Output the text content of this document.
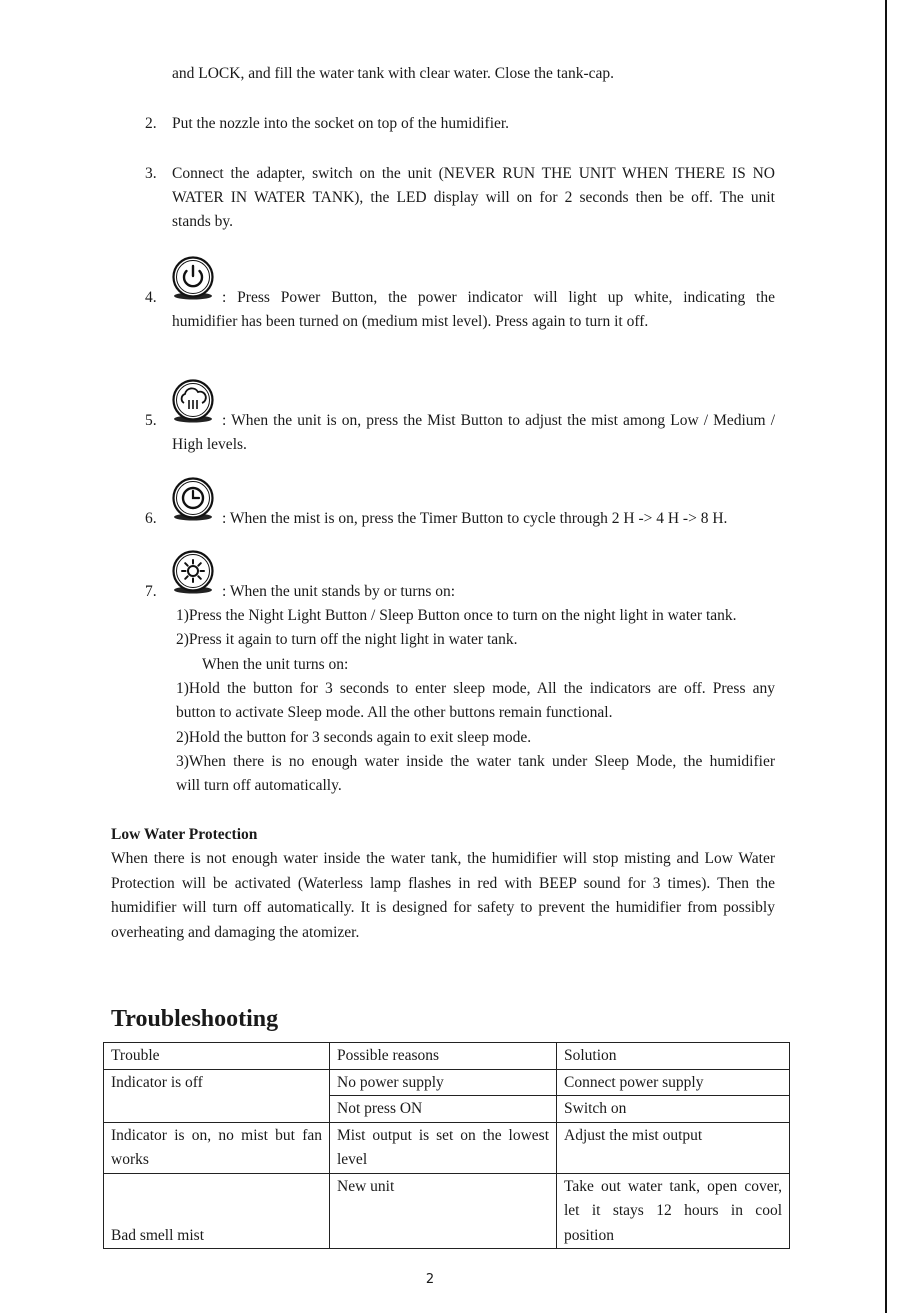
and LOCK, and fill the water tank with clear water. Close the tank-cap.

2. Put the nozzle into the socket on top of the humidifier.

3. Connect the adapter, switch on the unit (NEVER RUN THE UNIT WHEN THERE IS NO

WATER IN WATER TANK), the LED display will on for 2 seconds then be off. The unit

stands by.

4.	: Press Power Button, the power indicator will light up white, indicating the

humidifier has been turned on (medium mist level). Press again to turn it off.

5.	: When the unit is on, press the Mist Button to adjust the mist among Low / Medium /

High levels.

6.	: When the mist is on, press the Timer Button to cycle through 2 H -> 4 H -> 8 H.

7.	: When the unit stands by or turns on:

1)Press the Night Light Button / Sleep Button once to turn on the night light in water tank.

2)Press it again to turn off the night light in water tank.

When the unit turns on:

1)Hold the button for 3 seconds to enter sleep mode, All the indicators are off. Press any

button to activate Sleep mode. All the other buttons remain functional.

2)Hold the button for 3 seconds again to exit sleep mode.

3)When there is no enough water inside the water tank under Sleep Mode, the humidifier

will turn off automatically.

Low Water Protection

When there is not enough water inside the water tank, the humidifier will stop misting and Low Water

Protection will be activated (Waterless lamp flashes in red with BEEP sound for 3 times). Then the

humidifier will turn off automatically. It is designed for safety to prevent the humidifier from possibly

overheating and damaging the atomizer.

Troubleshooting
Trouble	Possible reasons	Solution
Indicator is off	No power supply	Connect power supply
	Not press ON	Switch on
Indicator is on, no mist but fan works	Mist output is set on the lowest level	Adjust the mist output
Bad smell mist	New unit	Take out water tank, open cover, let it stays 12 hours in cool position
2
